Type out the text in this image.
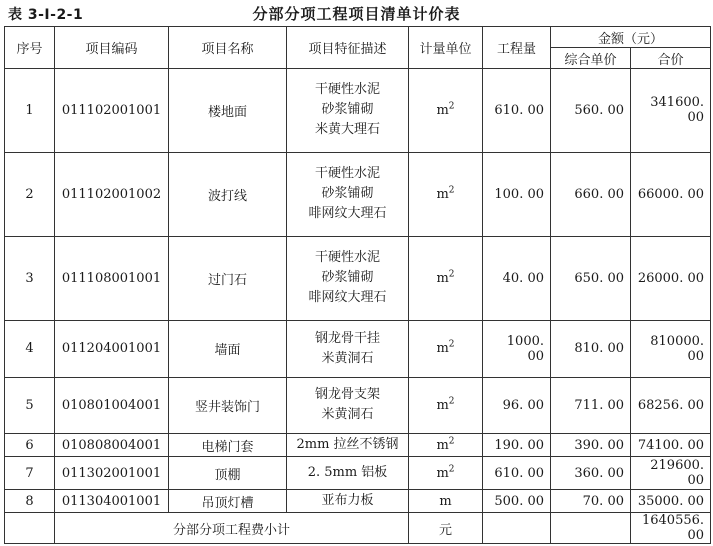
表 3-Ⅰ-2-1	分部分项工程项目清单计价表
序号	项目编码	项目名称	项目特征描述	计量单位	工程量	金额（元）	
						综合单价	合价
1	011102001001	楼地面	干硬性水泥
砂浆铺砌
米黄大理石	$m^2$	610. 00	560. 00	341600. 00
2	011102001002	波打线	干硬性水泥
砂浆铺砌
啡网纹大理石	$m^2$	100. 00	660. 00	66000. 00
3	011108001001	过门石	干硬性水泥
砂浆铺砌
啡网纹大理石	$m^2$	40. 00	650. 00	26000. 00
4	011204001001	墙面	钢龙骨干挂
米黄洞石	$m^2$	1000. 00	810. 00	810000. 00
5	010801004001	竖井装饰门	钢龙骨支架
米黄洞石	$m^2$	96. 00	711. 00	68256. 00
6	010808004001	电梯门套	2mm 拉丝不锈钢	$m^2$	190. 00	390. 00	74100. 00
7	011302001001	顶棚	2. 5mm 铝板	$m^2$	610. 00	360. 00	219600. 00
8	011304001001	吊顶灯槽	亚布力板	m	500. 00	70. 00	35000. 00
	分部分项工程费小计			元			1640556. 00
